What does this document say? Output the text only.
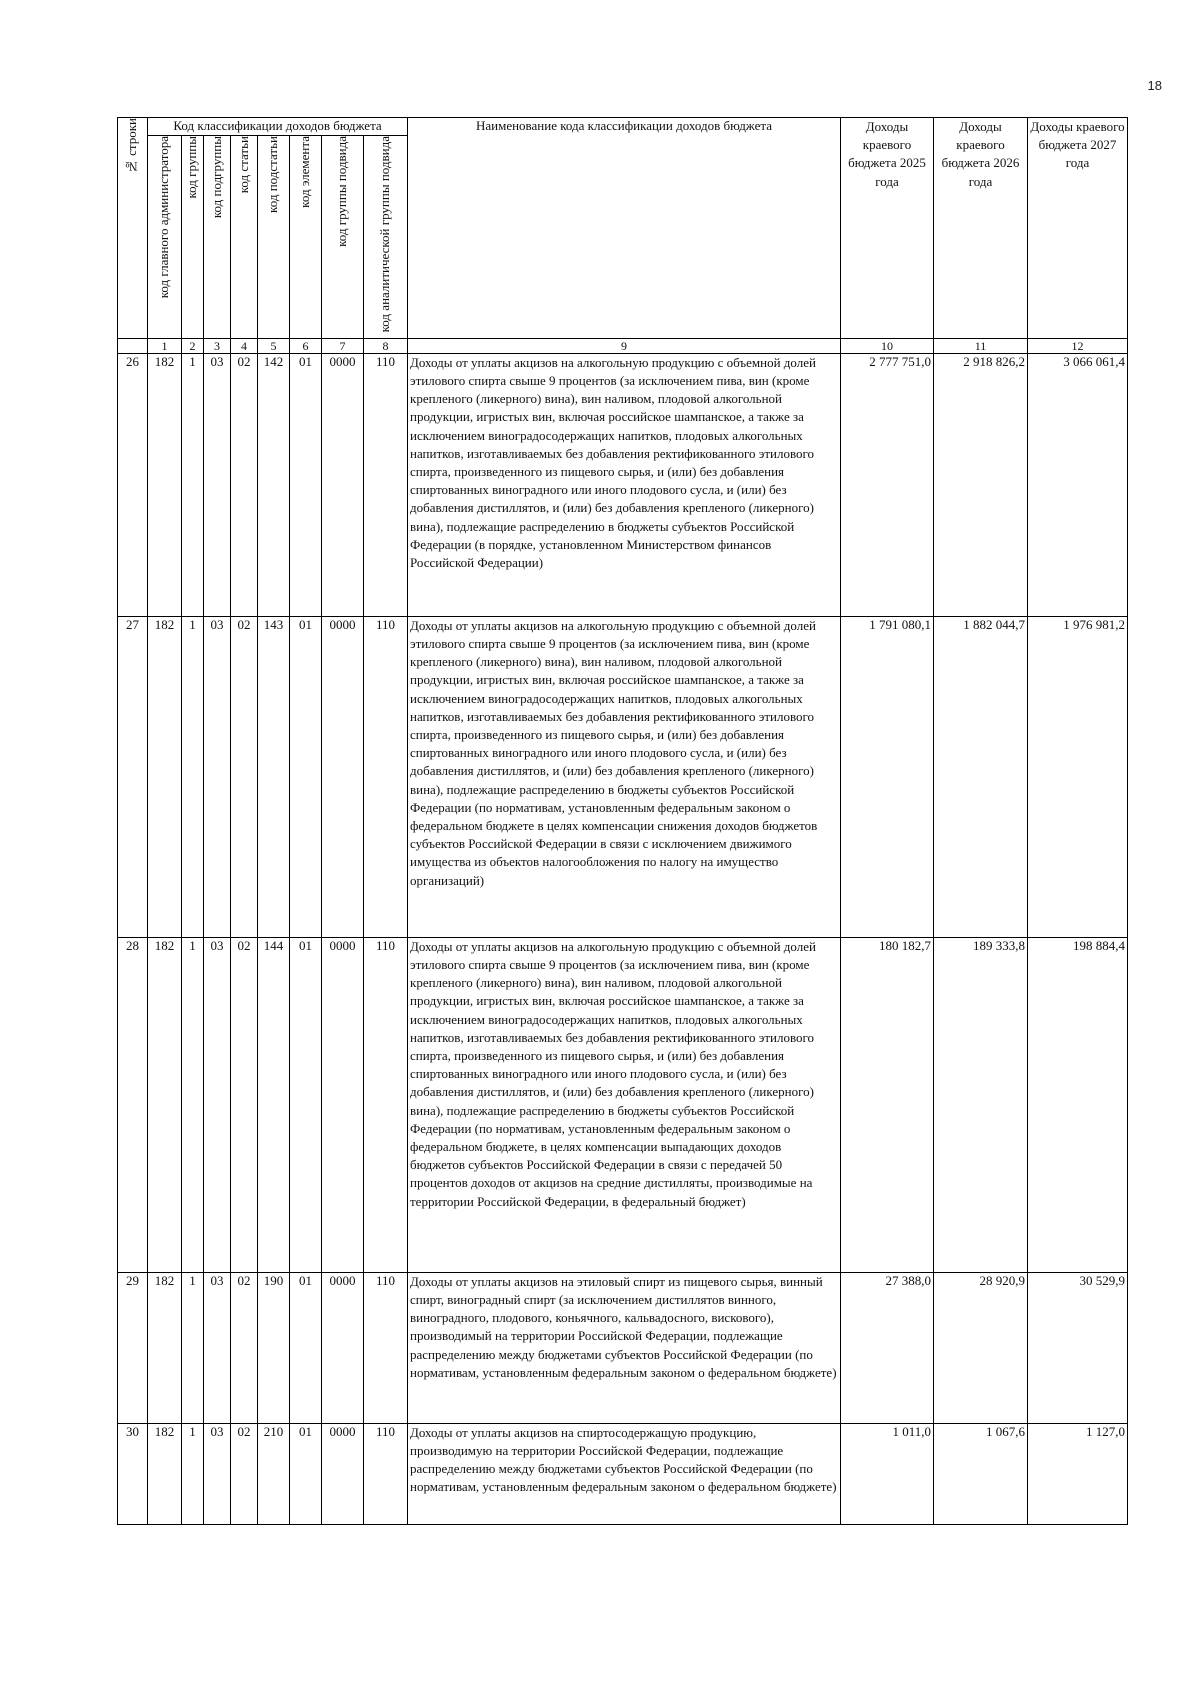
18
№ строки	Код классификации доходов бюджета								Наименование кода классификации доходов бюджета	Доходы краевого бюджета 2025 года	Доходы краевого бюджета 2026 года	Доходы краевого бюджета 2027 года

	код главного администратора	код группы	код подгруппы	код статьи	код подстатьи	код элемента	код группы подвида	код аналитической группы подвида				

	1	2	3	4	5	6	7	8	9	10	11	12
26	182	1	03	02	142	01	0000	110	Доходы от уплаты акцизов на алкогольную продукцию с объемной долей этилового спирта свыше 9 процентов (за исключением пива, вин (кроме крепленого (ликерного) вина), вин наливом, плодовой алкогольной продукции, игристых вин, включая российское шампанское, а также за исключением виноградосодержащих напитков, плодовых алкогольных напитков, изготавливаемых без добавления ректификованного этилового спирта, произведенного из пищевого сырья, и (или) без добавления спиртованных виноградного или иного плодового сусла, и (или) без добавления дистиллятов, и (или) без добавления крепленого (ликерного) вина), подлежащие распределению в бюджеты субъектов Российской Федерации (в порядке, установленном Министерством финансов Российской Федерации)	2 777 751,0	2 918 826,2	3 066 061,4
27	182	1	03	02	143	01	0000	110	Доходы от уплаты акцизов на алкогольную продукцию с объемной долей этилового спирта свыше 9 процентов (за исключением пива, вин (кроме крепленого (ликерного) вина), вин наливом, плодовой алкогольной продукции, игристых вин, включая российское шампанское, а также за исключением виноградосодержащих напитков, плодовых алкогольных напитков, изготавливаемых без добавления ректификованного этилового спирта, произведенного из пищевого сырья, и (или) без добавления спиртованных виноградного или иного плодового сусла, и (или) без добавления дистиллятов, и (или) без добавления крепленого (ликерного) вина), подлежащие распределению в бюджеты субъектов Российской Федерации (по нормативам, установленным федеральным законом о федеральном бюджете в целях компенсации снижения доходов бюджетов субъектов Российской Федерации в связи с исключением движимого имущества из объектов налогообложения по налогу на имущество организаций)	1 791 080,1	1 882 044,7	1 976 981,2
28	182	1	03	02	144	01	0000	110	Доходы от уплаты акцизов на алкогольную продукцию с объемной долей этилового спирта свыше 9 процентов (за исключением пива, вин (кроме крепленого (ликерного) вина), вин наливом, плодовой алкогольной продукции, игристых вин, включая российское шампанское, а также за исключением виноградосодержащих напитков, плодовых алкогольных напитков, изготавливаемых без добавления ректификованного этилового спирта, произведенного из пищевого сырья, и (или) без добавления спиртованных виноградного или иного плодового сусла, и (или) без добавления дистиллятов, и (или) без добавления крепленого (ликерного) вина), подлежащие распределению в бюджеты субъектов Российской Федерации (по нормативам, установленным федеральным законом о федеральном бюджете, в целях компенсации выпадающих доходов бюджетов субъектов Российской Федерации в связи с передачей 50 процентов доходов от акцизов на средние дистилляты, производимые на территории Российской Федерации, в федеральный бюджет)	180 182,7	189 333,8	198 884,4
29	182	1	03	02	190	01	0000	110	Доходы от уплаты акцизов на этиловый спирт из пищевого сырья, винный спирт, виноградный спирт (за исключением дистиллятов винного, виноградного, плодового, коньячного, кальвадосного, вискового), производимый на территории Российской Федерации, подлежащие распределению между бюджетами субъектов Российской Федерации (по нормативам, установленным федеральным законом о федеральном бюджете)	27 388,0	28 920,9	30 529,9
30	182	1	03	02	210	01	0000	110	Доходы от уплаты акцизов на спиртосодержащую продукцию, производимую на территории Российской Федерации, подлежащие распределению между бюджетами субъектов Российской Федерации (по нормативам, установленным федеральным законом о федеральном бюджете)	1 011,0	1 067,6	1 127,0
